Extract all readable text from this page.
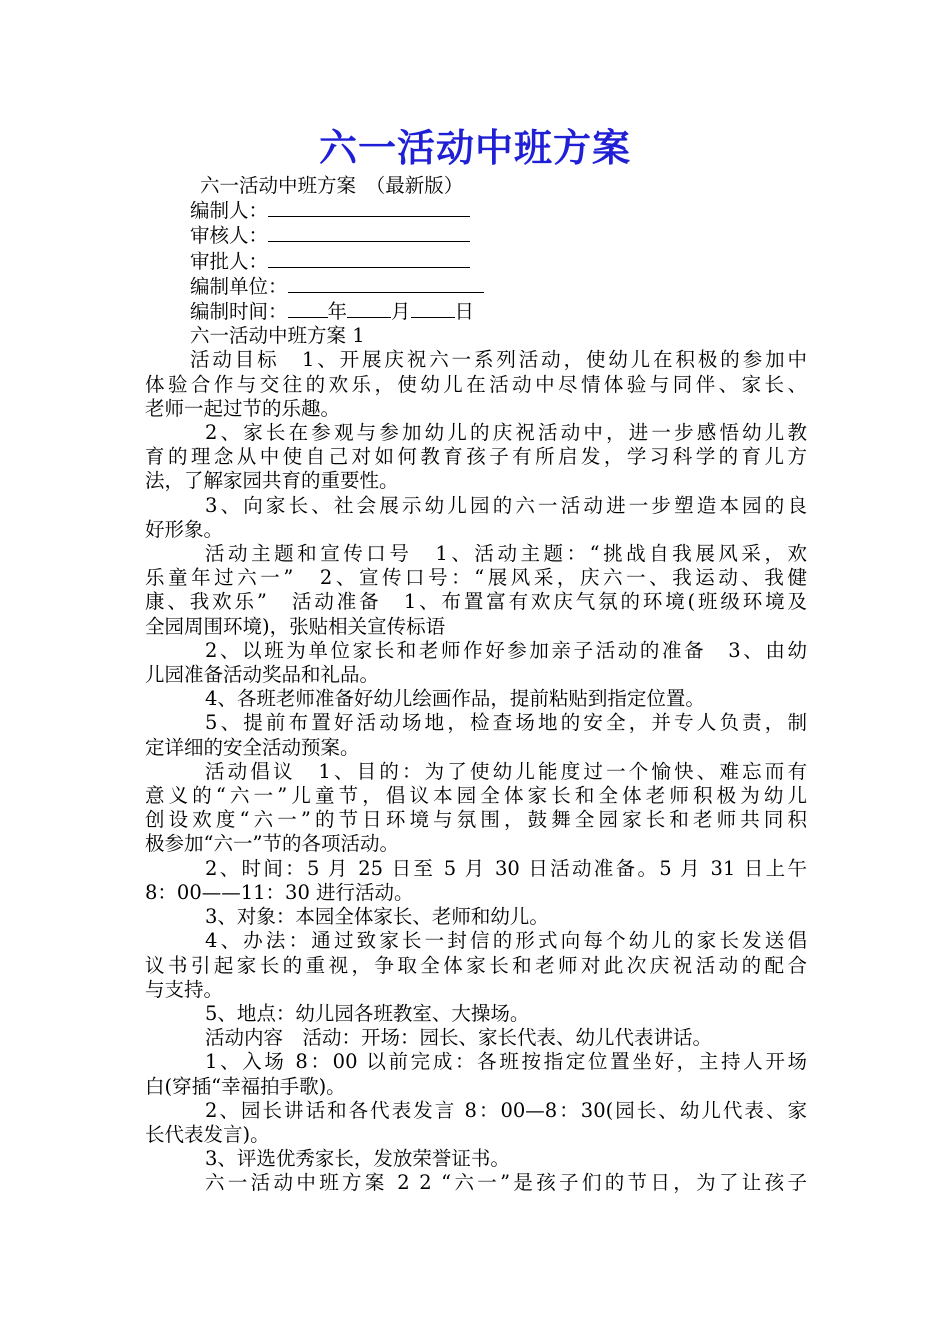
六一活动中班方案
六一活动中班方案　（最新版）
编制人：
审核人：
审批人：
编制单位：
编制时间： 年 月 日
六一活动中班方案 1
活动目标　1、开展庆祝六一系列活动，使幼儿在积极的参加中
体验合作与交往的欢乐，使幼儿在活动中尽情体验与同伴、家长、
老师一起过节的乐趣。
2、家长在参观与参加幼儿的庆祝活动中，进一步感悟幼儿教
育的理念从中使自己对如何教育孩子有所启发，学习科学的育儿方
法，了解家园共育的重要性。
3、向家长、社会展示幼儿园的六一活动进一步塑造本园的良
好形象。
活动主题和宣传口号　1、活动主题：“挑战自我展风采，欢
乐童年过六一”　2、宣传口号：“展风采，庆六一、我运动、我健
康、我欢乐”　活动准备　1、布置富有欢庆气氛的环境(班级环境及
全园周围环境)，张贴相关宣传标语
2、以班为单位家长和老师作好参加亲子活动的准备　3、由幼
儿园准备活动奖品和礼品。
4、各班老师准备好幼儿绘画作品，提前粘贴到指定位置。
5、提前布置好活动场地，检查场地的安全，并专人负责，制
定详细的安全活动预案。
活动倡议　1、目的：为了使幼儿能度过一个愉快、难忘而有
意义的“六一”儿童节，倡议本园全体家长和全体老师积极为幼儿
创设欢度“六一”的节日环境与氛围，鼓舞全园家长和老师共同积
极参加“六一”节的各项活动。
2、时间：5 月 25 日至 5 月 30 日活动准备。5 月 31 日上午
8：00——11：30 进行活动。
3、对象：本园全体家长、老师和幼儿。
4、办法：通过致家长一封信的形式向每个幼儿的家长发送倡
议书引起家长的重视，争取全体家长和老师对此次庆祝活动的配合
与支持。
5、地点：幼儿园各班教室、大操场。
活动内容　活动：开场：园长、家长代表、幼儿代表讲话。
1、入场 8：00 以前完成：各班按指定位置坐好，主持人开场
白(穿插“幸福拍手歌)。
2、园长讲话和各代表发言 8：00—8：30(园长、幼儿代表、家
长代表发言)。
3、评选优秀家长，发放荣誉证书。
六一活动中班方案 2 2 “六一”是孩子们的节日，为了让孩子
